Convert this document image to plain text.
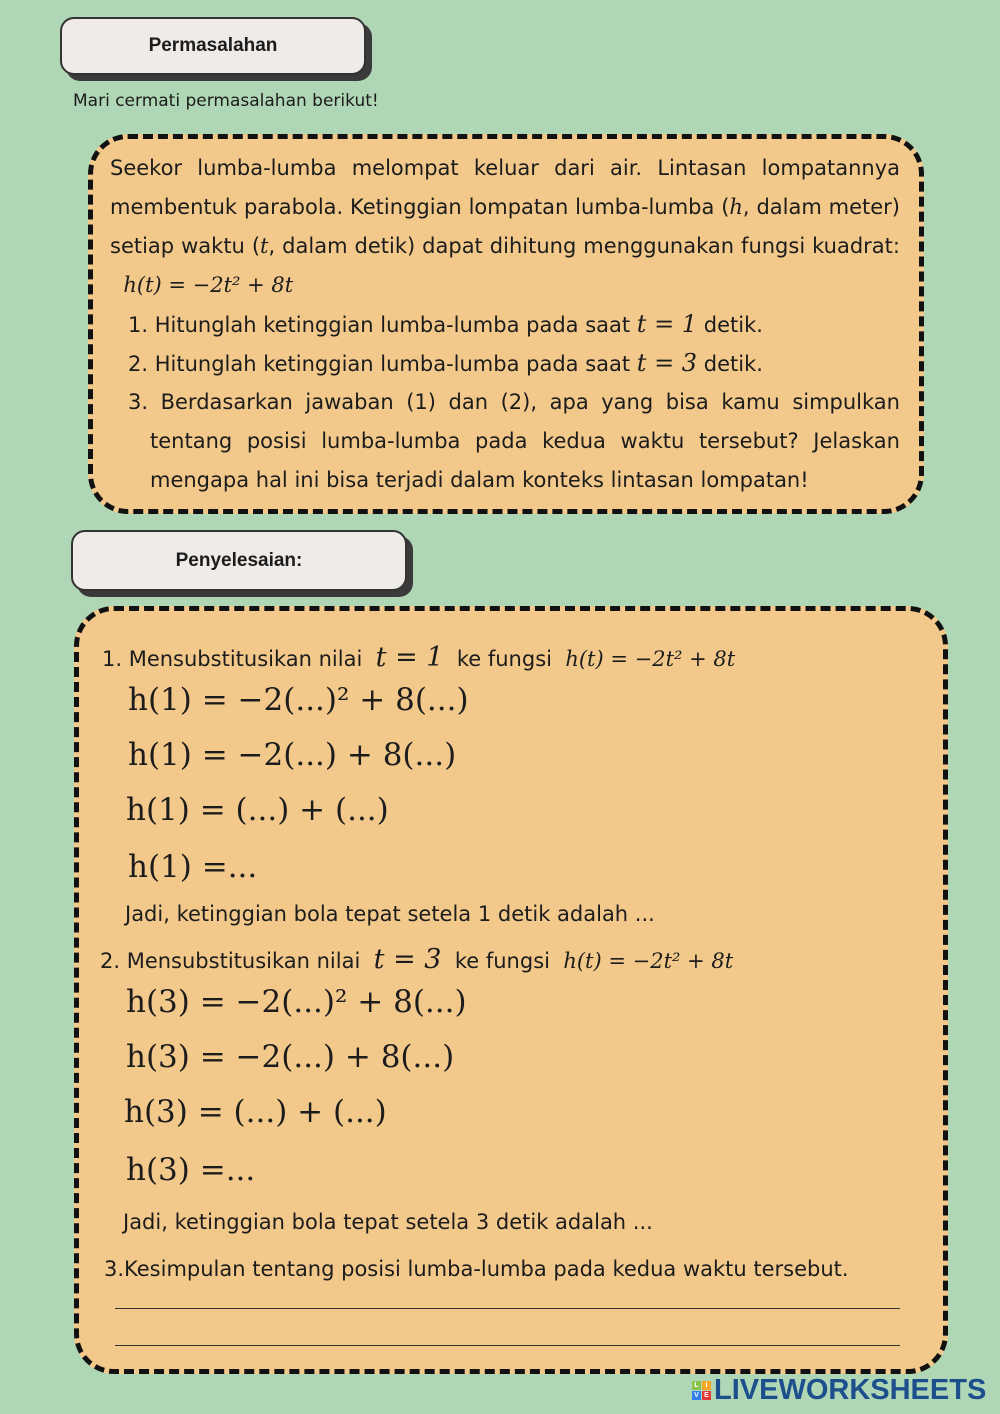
Permasalahan
Mari cermati permasalahan berikut!
Seekor lumba-lumba melompat keluar dari air. Lintasan lompatannya membentuk parabola. Ketinggian lompatan lumba-lumba (h, dalam meter) setiap waktu (t, dalam detik) dapat dihitung menggunakan fungsi kuadrat:   h(t) = −2t² + 8t
1. Hitunglah ketinggian lumba-lumba pada saat t = 1 detik.
2. Hitunglah ketinggian lumba-lumba pada saat t = 3 detik.
3. Berdasarkan jawaban (1) dan (2), apa yang bisa kamu simpulkan tentang posisi lumba-lumba pada kedua waktu tersebut? Jelaskan mengapa hal ini bisa terjadi dalam konteks lintasan lompatan!
Penyelesaian:
1. Mensubstitusikan nilai t = 1 ke fungsi h(t) = −2t² + 8t
h(1) = −2(...)² + 8(...)
h(1) = −2(...) + 8(...)
h(1) = (...) + (...)
h(1) =...
Jadi, ketinggian bola tepat setela 1 detik adalah ...
2. Mensubstitusikan nilai t = 3 ke fungsi h(t) = −2t² + 8t
h(3) = −2(...)² + 8(...)
h(3) = −2(...) + 8(...)
h(3) = (...) + (...)
h(3) =...
Jadi, ketinggian bola tepat setela 3 detik adalah ...
3.Kesimpulan tentang posisi lumba-lumba pada kedua waktu tersebut.
L I
V E LIVEWORKSHEETS
